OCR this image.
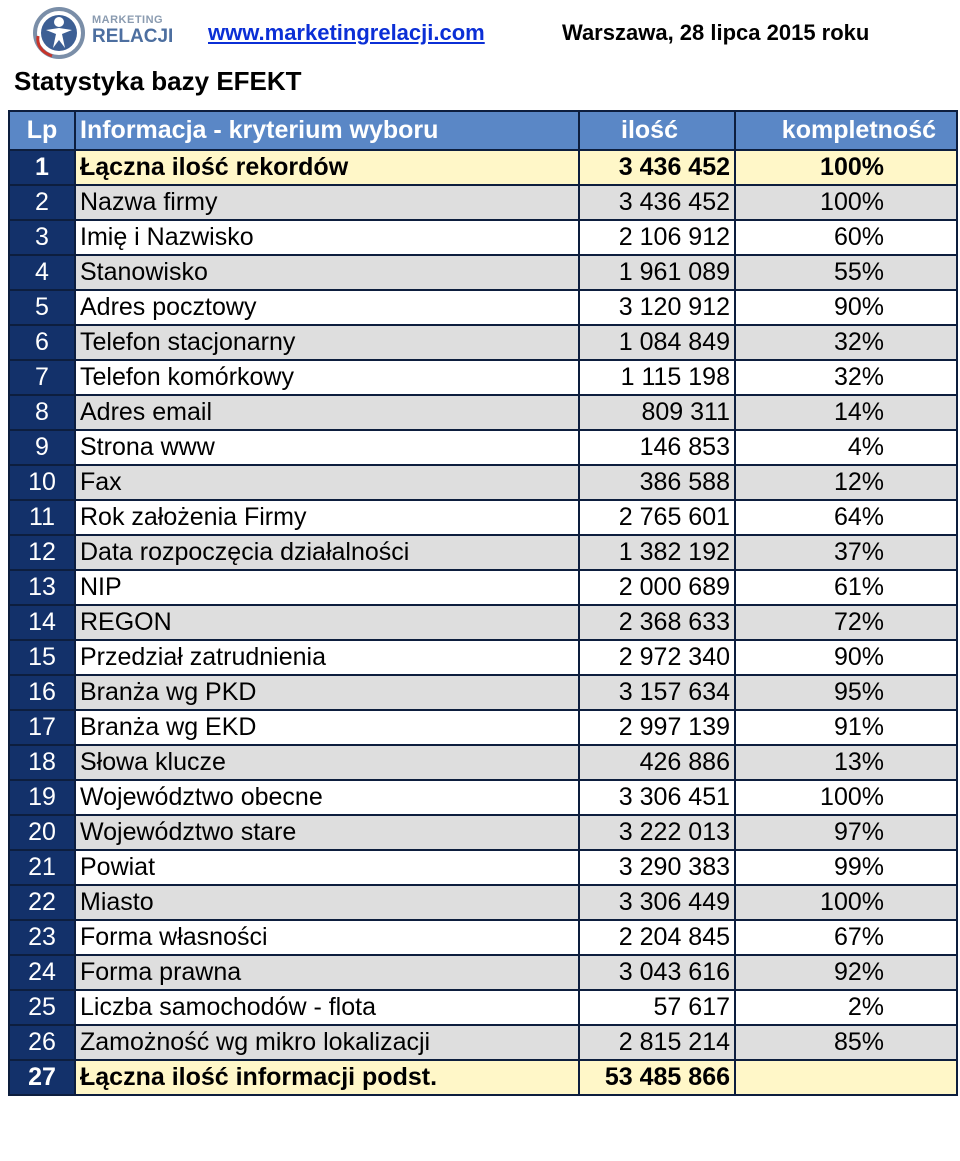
MARKETING
RELACJI www.marketingrelacji.com	Warszawa, 28 lipca 2015 roku
Statystyka bazy EFEKT
Lp	Informacja - kryterium wyboru	ilość	kompletność
1	Łączna ilość rekordów	3 436 452	100%
2	Nazwa firmy	3 436 452	100%
3	Imię i Nazwisko	2 106 912	60%
4	Stanowisko	1 961 089	55%
5	Adres pocztowy	3 120 912	90%
6	Telefon stacjonarny	1 084 849	32%
7	Telefon komórkowy	1 115 198	32%
8	Adres email	809 311	14%
9	Strona www	146 853	4%
10	Fax	386 588	12%
11	Rok założenia Firmy	2 765 601	64%
12	Data rozpoczęcia działalności	1 382 192	37%
13	NIP	2 000 689	61%
14	REGON	2 368 633	72%
15	Przedział zatrudnienia	2 972 340	90%
16	Branża wg PKD	3 157 634	95%
17	Branża wg EKD	2 997 139	91%
18	Słowa klucze	426 886	13%
19	Województwo obecne	3 306 451	100%
20	Województwo stare	3 222 013	97%
21	Powiat	3 290 383	99%
22	Miasto	3 306 449	100%
23	Forma własności	2 204 845	67%
24	Forma prawna	3 043 616	92%
25	Liczba samochodów - flota	57 617	2%
26	Zamożność wg mikro lokalizacji	2 815 214	85%
27	Łączna ilość informacji podst.	53 485 866	
